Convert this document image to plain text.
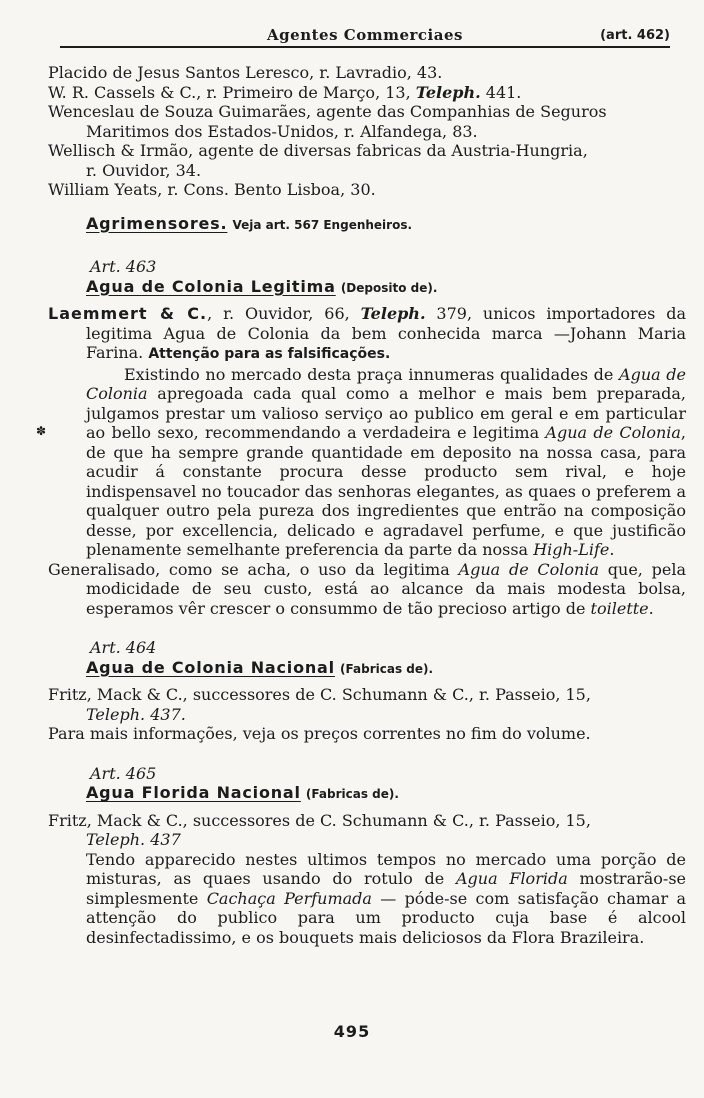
Agentes Commerciaes	(art. 462)
✽

Placido de Jesus Santos Leresco, r. Lavradio, 43.

W. R. Cassels & C., r. Primeiro de Março, 13, Teleph. 441.

Wenceslau de Souza Guimarães, agente das Companhias de Seguros

Maritimos dos Estados-Unidos, r. Alfandega, 83.

Wellisch & Irmão, agente de diversas fabricas da Austria-Hungria,

r. Ouvidor, 34.

William Yeats, r. Cons. Bento Lisboa, 30.

Agrimensores. Veja art. 567 Engenheiros.

Art. 463

Agua de Colonia Legitima (Deposito de).

Laemmert & C., r. Ouvidor, 66, Teleph. 379, unicos importadores da legitima Agua de Colonia da bem conhecida marca —Johann Maria Farina. Attenção para as falsificações.

Existindo no mercado desta praça innumeras qualidades de Agua de Colonia apregoada cada qual como a melhor e mais bem preparada, julgamos prestar um valioso serviço ao publico em geral e em particular ao bello sexo, recommendando a verdadeira e legitima Agua de Colonia, de que ha sempre grande quantidade em deposito na nossa casa, para acudir á constante procura desse producto sem rival, e hoje indispensavel no toucador das senhoras elegantes, as quaes o preferem a qualquer outro pela pureza dos ingredientes que entrão na composição desse, por excellencia, delicado e agradavel perfume, e que justificão plenamente semelhante preferencia da parte da nossa High-Life.

Generalisado, como se acha, o uso da legitima Agua de Colonia que, pela modicidade de seu custo, está ao alcance da mais modesta bolsa, esperamos vêr crescer o consummo de tão precioso artigo de toilette.

Art. 464

Agua de Colonia Nacional (Fabricas de).

Fritz, Mack & C., successores de C. Schumann & C., r. Passeio, 15,

Teleph. 437.

Para mais informações, veja os preços correntes no fim do volume.

Art. 465

Agua Florida Nacional (Fabricas de).

Fritz, Mack & C., successores de C. Schumann & C., r. Passeio, 15,

Teleph. 437

Tendo apparecido nestes ultimos tempos no mercado uma porção de misturas, as quaes usando do rotulo de Agua Florida mostrarão-se simplesmente Cachaça Perfumada — póde-se com satisfação chamar a attenção do publico para um producto cuja base é alcool desinfectadissimo, e os bouquets mais deliciosos da Flora Brazileira.

495
